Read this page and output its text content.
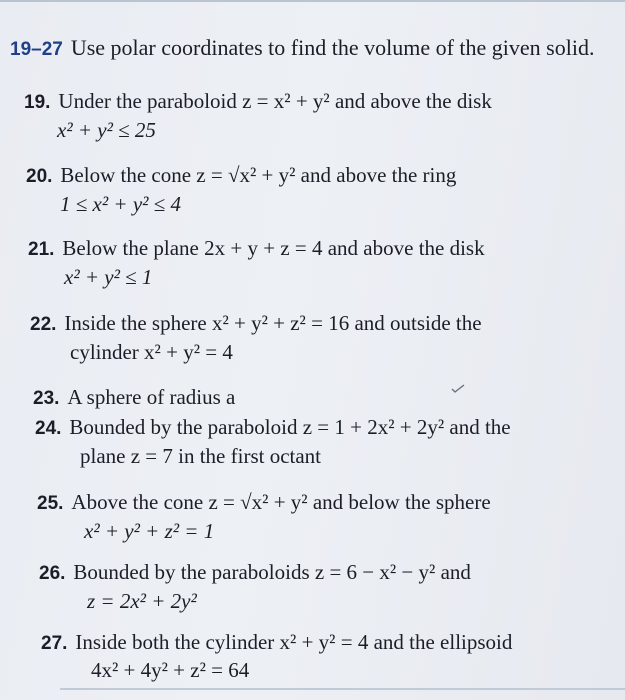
19–27 Use polar coordinates to find the volume of the given solid.
19. Under the paraboloid z = x² + y² and above the disk
x² + y² ≤ 25
20. Below the cone z = √x² + y² and above the ring
1 ≤ x² + y² ≤ 4
21. Below the plane 2x + y + z = 4 and above the disk
x² + y² ≤ 1
22. Inside the sphere x² + y² + z² = 16 and outside the
cylinder x² + y² = 4
23. A sphere of radius a
24. Bounded by the paraboloid z = 1 + 2x² + 2y² and the
plane z = 7 in the first octant
25. Above the cone z = √x² + y² and below the sphere
x² + y² + z² = 1
26. Bounded by the paraboloids z = 6 − x² − y² and
z = 2x² + 2y²
27. Inside both the cylinder x² + y² = 4 and the ellipsoid
4x² + 4y² + z² = 64
